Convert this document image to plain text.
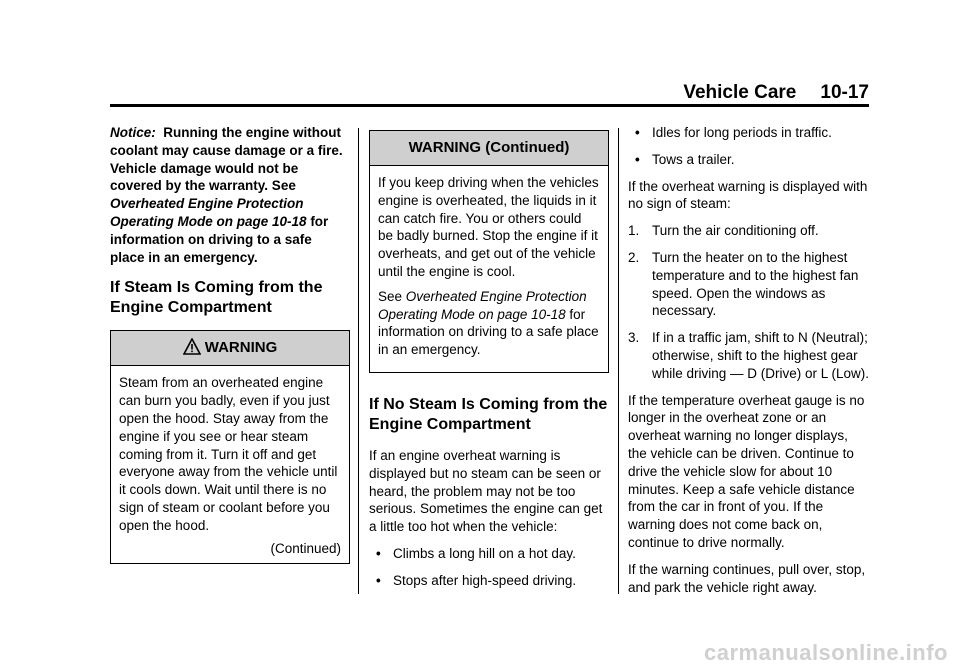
Vehicle Care 10-17

Notice: Running the engine without coolant may cause damage or a fire. Vehicle damage would not be covered by the warranty. See Overheated Engine Protection Operating Mode on page 10-18 for information on driving to a safe place in an emergency.

If Steam Is Coming from the Engine Compartment
WARNING

Steam from an overheated engine can burn you badly, even if you just open the hood. Stay away from the engine if you see or hear steam coming from it. Turn it off and get everyone away from the vehicle until it cools down. Wait until there is no sign of steam or coolant before you open the hood.

(Continued)
WARNING (Continued)

If you keep driving when the vehicles engine is overheated, the liquids in it can catch fire. You or others could be badly burned. Stop the engine if it overheats, and get out of the vehicle until the engine is cool.

See Overheated Engine Protection Operating Mode on page 10-18 for information on driving to a safe place in an emergency.

If No Steam Is Coming from the Engine Compartment

If an engine overheat warning is displayed but no steam can be seen or heard, the problem may not be too serious. Sometimes the engine can get a little too hot when the vehicle:

• Climbs a long hill on a hot day.
• Stops after high-speed driving.
• Idles for long periods in traffic.
• Tows a trailer.

If the overheat warning is displayed with no sign of steam:

1. Turn the air conditioning off.
2. Turn the heater on to the highest temperature and to the highest fan speed. Open the windows as necessary.
3. If in a traffic jam, shift to N (Neutral); otherwise, shift to the highest gear while driving — D (Drive) or L (Low).

If the temperature overheat gauge is no longer in the overheat zone or an overheat warning no longer displays, the vehicle can be driven. Continue to drive the vehicle slow for about 10 minutes. Keep a safe vehicle distance from the car in front of you. If the warning does not come back on, continue to drive normally.

If the warning continues, pull over, stop, and park the vehicle right away.

carmanualsonline.info
